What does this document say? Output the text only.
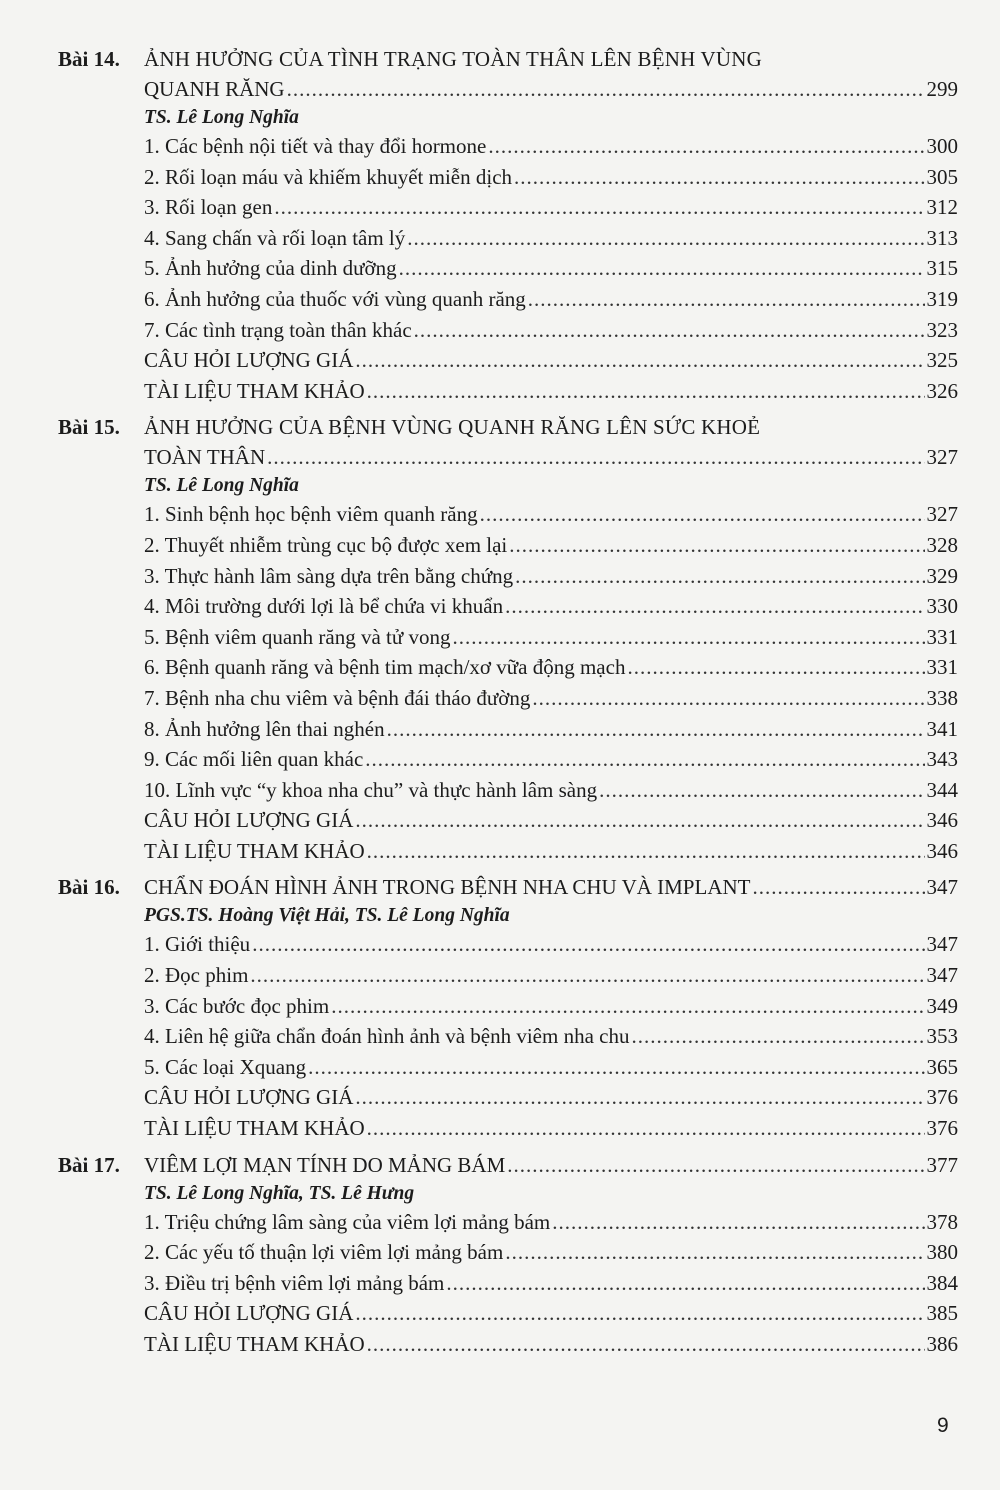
Bài 14.	ẢNH HƯỞNG CỦA TÌNH TRẠNG TOÀN THÂN LÊN BỆNH VÙNG
QUANH RĂNG .....	299
TS. Lê Long Nghĩa
1. Các bệnh nội tiết và thay đổi hormone .....	300
2. Rối loạn máu và khiếm khuyết miễn dịch .....	305
3. Rối loạn gen .....	312
4. Sang chấn và rối loạn tâm lý .....	313
5. Ảnh hưởng của dinh dưỡng .....	315
6. Ảnh hưởng của thuốc với vùng quanh răng .....	319
7. Các tình trạng toàn thân khác .....	323
CÂU HỎI LƯỢNG GIÁ .....	325
TÀI LIỆU THAM KHẢO .....	326
Bài 15.	ẢNH HƯỞNG CỦA BỆNH VÙNG QUANH RĂNG LÊN SỨC KHOẺ
TOÀN THÂN .....	327
TS. Lê Long Nghĩa
1. Sinh bệnh học bệnh viêm quanh răng .....	327
2. Thuyết nhiễm trùng cục bộ được xem lại .....	328
3. Thực hành lâm sàng dựa trên bằng chứng .....	329
4. Môi trường dưới lợi là bể chứa vi khuẩn .....	330
5. Bệnh viêm quanh răng và tử vong .....	331
6. Bệnh quanh răng và bệnh tim mạch/xơ vữa động mạch .....	331
7. Bệnh nha chu viêm và bệnh đái tháo đường .....	338
8. Ảnh hưởng lên thai nghén .....	341
9. Các mối liên quan khác .....	343
10. Lĩnh vực “y khoa nha chu” và thực hành lâm sàng .....	344
CÂU HỎI LƯỢNG GIÁ .....	346
TÀI LIỆU THAM KHẢO .....	346
Bài 16.	CHẨN ĐOÁN HÌNH ẢNH TRONG BỆNH NHA CHU VÀ IMPLANT .....	347
PGS.TS. Hoàng Việt Hải, TS. Lê Long Nghĩa
1. Giới thiệu .....	347
2. Đọc phim .....	347
3. Các bước đọc phim .....	349
4. Liên hệ giữa chẩn đoán hình ảnh và bệnh viêm nha chu .....	353
5. Các loại Xquang .....	365
CÂU HỎI LƯỢNG GIÁ .....	376
TÀI LIỆU THAM KHẢO .....	376
Bài 17.	VIÊM LỢI MẠN TÍNH DO MẢNG BÁM .....	377
TS. Lê Long Nghĩa, TS. Lê Hưng
1. Triệu chứng lâm sàng của viêm lợi mảng bám .....	378
2. Các yếu tố thuận lợi viêm lợi mảng bám .....	380
3. Điều trị bệnh viêm lợi mảng bám .....	384
CÂU HỎI LƯỢNG GIÁ .....	385
TÀI LIỆU THAM KHẢO .....	386
9
